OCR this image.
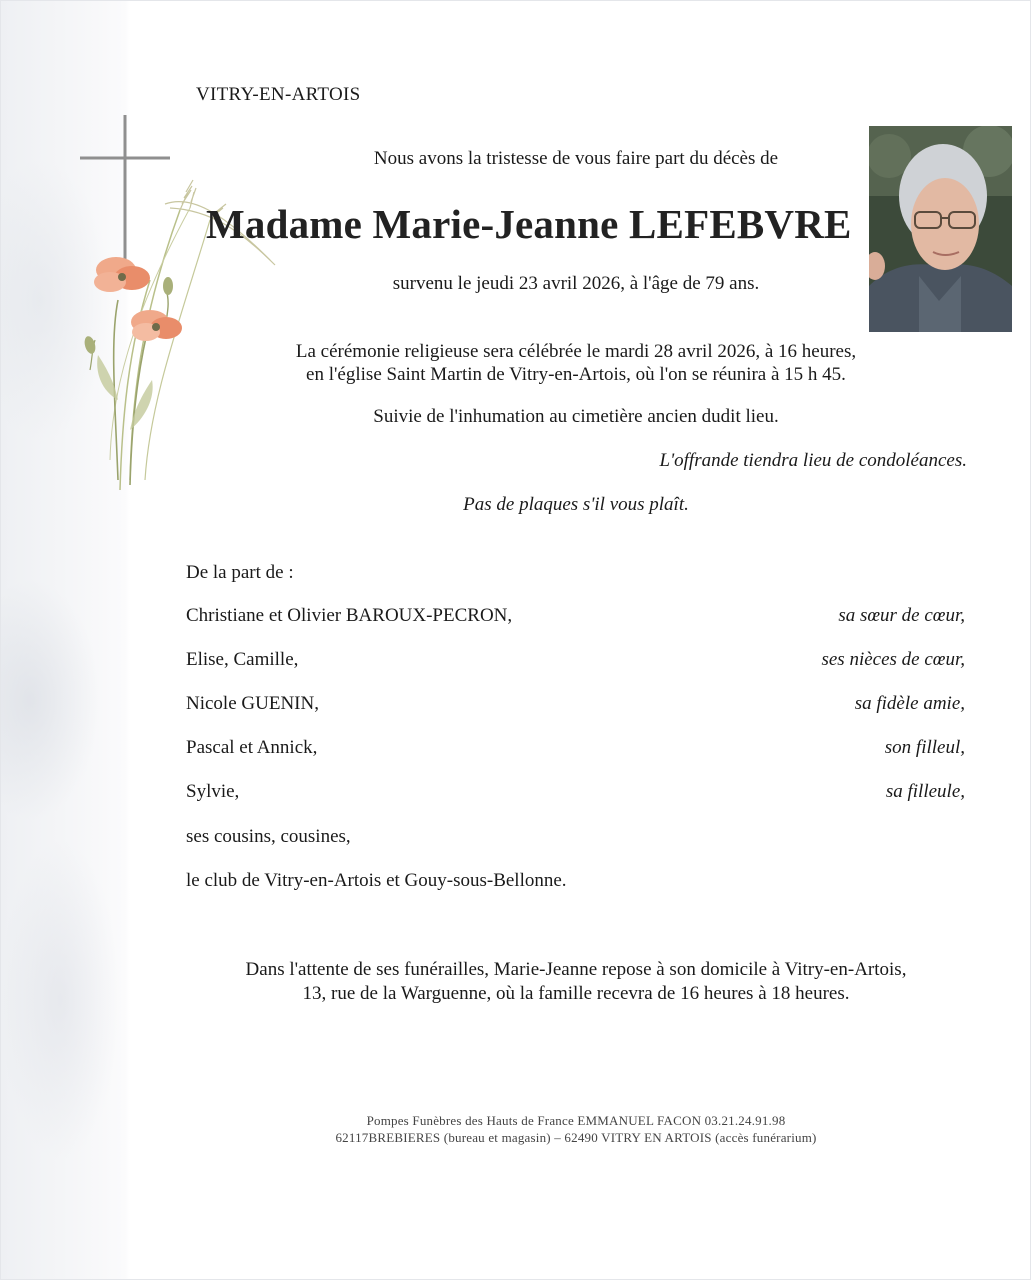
VITRY-EN-ARTOIS
Nous avons la tristesse de vous faire part du décès de
Madame Marie-Jeanne LEFEBVRE
survenu le jeudi 23 avril 2026, à l'âge de 79 ans.
La cérémonie religieuse sera célébrée le mardi 28 avril 2026, à 16 heures,
en l'église Saint Martin de Vitry-en-Artois, où l'on se réunira à 15 h 45.
Suivie de l'inhumation au cimetière ancien dudit lieu.
L'offrande tiendra lieu de condoléances.
Pas de plaques s'il vous plaît.
De la part de :
Christiane et Olivier BAROUX-PECRON,	sa sœur de cœur,
Elise, Camille,	ses nièces de cœur,
Nicole GUENIN,	sa fidèle amie,
Pascal et Annick,	son filleul,
Sylvie,	sa filleule,
ses cousins, cousines,
le club de Vitry-en-Artois et Gouy-sous-Bellonne.
Dans l'attente de ses funérailles, Marie-Jeanne repose à son domicile à Vitry-en-Artois,
13, rue de la Warguenne, où la famille recevra de 16 heures à 18 heures.
Pompes Funèbres des Hauts de France EMMANUEL FACON 03.21.24.91.98
62117BREBIERES (bureau et magasin) – 62490 VITRY EN ARTOIS (accès funérarium)
